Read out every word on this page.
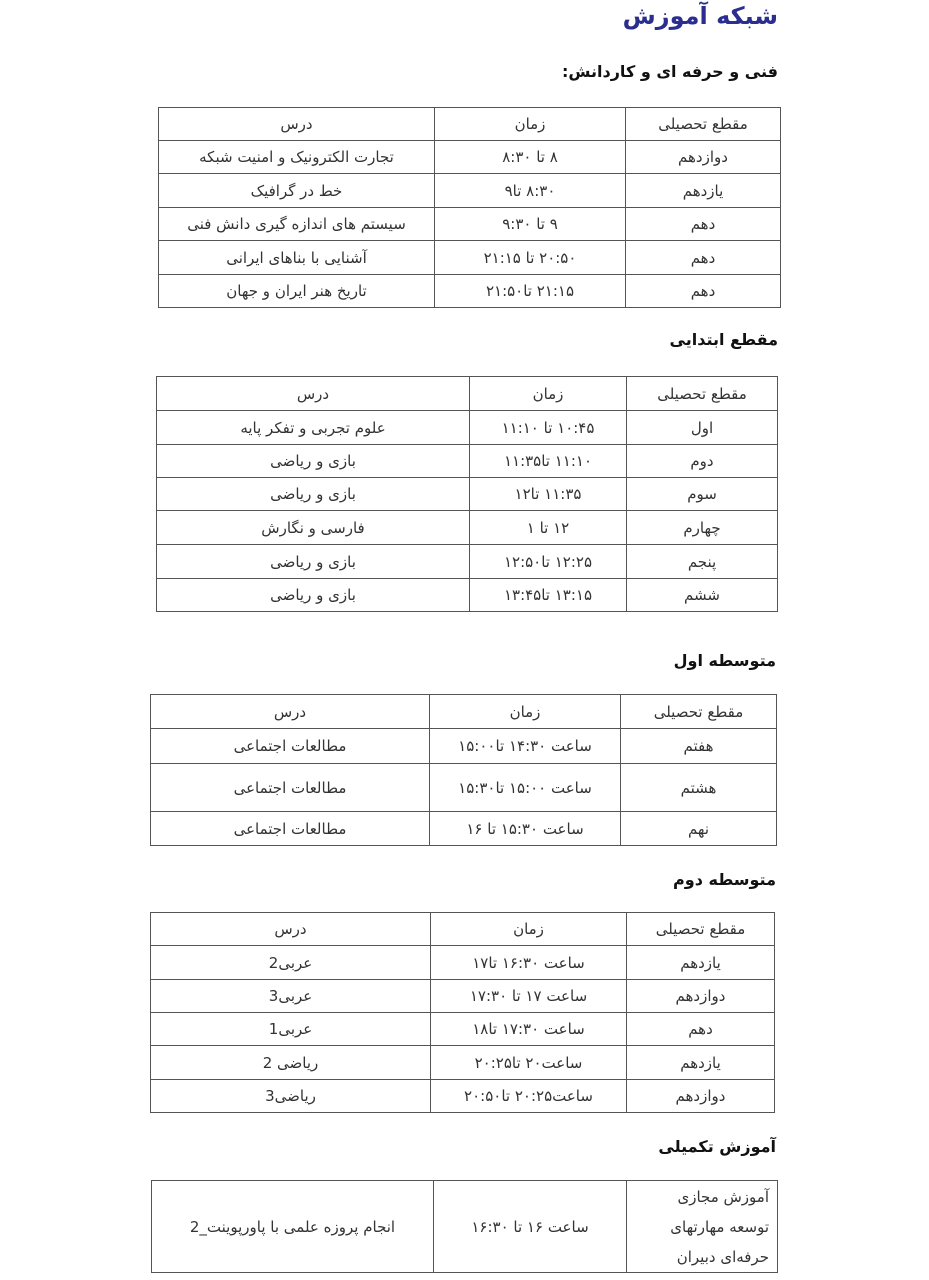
شبکه آموزش
فنی و حرفه ای و کاردانش:
مقطع تحصیلی	زمان	درس
دوازدهم	۸ تا ۸:۳۰	تجارت الکترونیک و امنیت شبکه
یازدهم	۸:۳۰ تا۹	خط در گرافیک
دهم	۹ تا ۹:۳۰	سیستم های اندازه گیری دانش فنی
دهم	۲۰:۵۰ تا ۲۱:۱۵	آشنایی با بناهای ایرانی
دهم	۲۱:۱۵ تا۲۱:۵۰	تاریخ هنر ایران و جهان
مقطع ابتدایی
مقطع تحصیلی	زمان	درس
اول	۱۰:۴۵ تا ۱۱:۱۰	علوم تجربی و تفکر پایه
دوم	۱۱:۱۰ تا۱۱:۳۵	بازی و ریاضی
سوم	۱۱:۳۵ تا۱۲	بازی و ریاضی
چهارم	۱۲ تا ۱	فارسی و نگارش
پنجم	۱۲:۲۵ تا۱۲:۵۰	بازی و ریاضی
ششم	۱۳:۱۵ تا۱۳:۴۵	بازی و ریاضی
متوسطه اول
مقطع تحصیلی	زمان	درس
هفتم	ساعت ۱۴:۳۰ تا۱۵:۰۰	مطالعات اجتماعی
هشتم	ساعت ۱۵:۰۰ تا۱۵:۳۰	مطالعات اجتماعی
نهم	ساعت ۱۵:۳۰ تا ۱۶	مطالعات اجتماعی
متوسطه دوم
مقطع تحصیلی	زمان	درس
یازدهم	ساعت ۱۶:۳۰ تا۱۷	عربی2
دوازدهم	ساعت ۱۷ تا ۱۷:۳۰	عربی3
دهم	ساعت ۱۷:۳۰ تا۱۸	عربی1
یازدهم	ساعت۲۰ تا۲۰:۲۵	ریاضی 2
دوازدهم	ساعت۲۰:۲۵ تا۲۰:۵۰	ریاضی3
آموزش تکمیلی
آموزش مجازی توسعه مهارتهای حرفه‌ای دبیران	ساعت ۱۶ تا ۱۶:۳۰	انجام پروزه علمی با پاورپوینت_2
